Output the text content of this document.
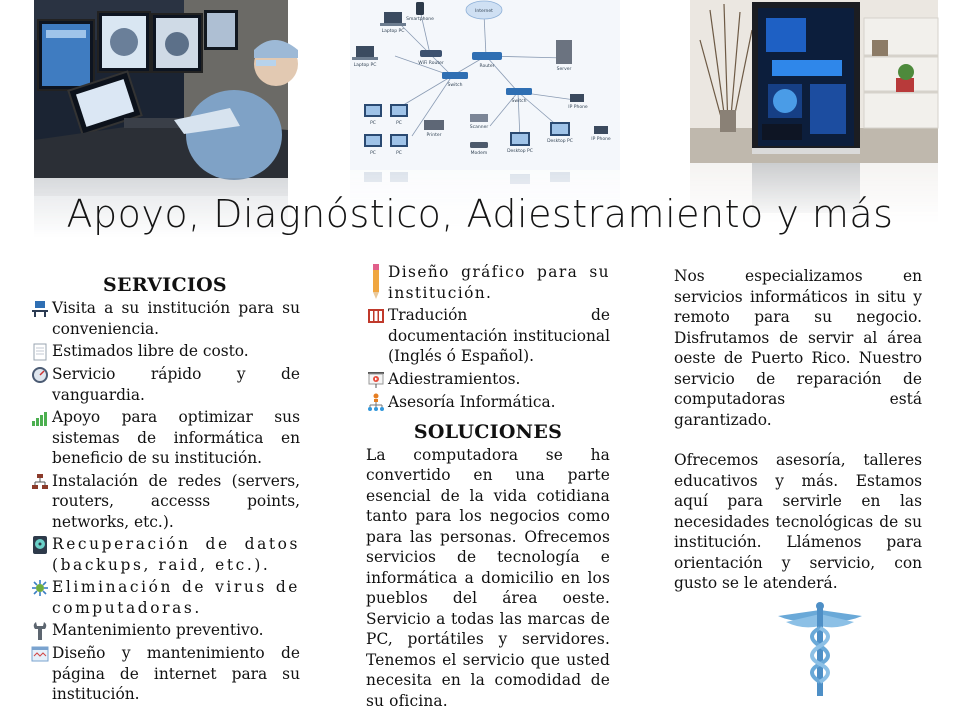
Internet
Smartphone
Laptop PC
Laptop PC	WiFi Router
Router
Server
Switch
Switch
IP Phone
PC	PC
PC	PC
Printer
Scanner
Modem	Desktop PC
Desktop PC	IP Phone
Apoyo, Diagnóstico, Adiestramiento y más
SERVICIOS
Visita a su institución para su conveniencia.
Estimados libre de costo.
Servicio rápido y de vanguardia.
Apoyo para optimizar sus sistemas de informática en beneficio de su institución.
Instalación de redes (servers, routers, accesss points, networks, etc.).
Recuperación de datos (backups, raid, etc.).
Eliminación de virus de computadoras.
Mantenimiento preventivo.
Diseño y mantenimiento de página de internet para su institución.
Diseño gráfico para su institución.
Tradución de documentación institucional (Inglés ó Español).
Adiestramientos.
Asesoría Informática.
SOLUCIONES
La computadora se ha convertido en una parte esencial de la vida cotidiana tanto para los negocios como para las personas. Ofrecemos servicios de tecnología e informática a domicilio en los pueblos del área oeste. Servicio a todas las marcas de PC, portátiles y servidores. Tenemos el servicio que usted necesita en la comodidad de su oficina.
Nos especializamos en servicios informáticos in situ y remoto para su negocio. Disfrutamos de servir al área oeste de Puerto Rico. Nuestro servicio de reparación de computadoras está garantizado.
Ofrecemos asesoría, talleres educativos y más. Estamos aquí para servirle en las necesidades tecnológicas de su institución. Llámenos para orientación y servicio, con gusto se le atenderá.
